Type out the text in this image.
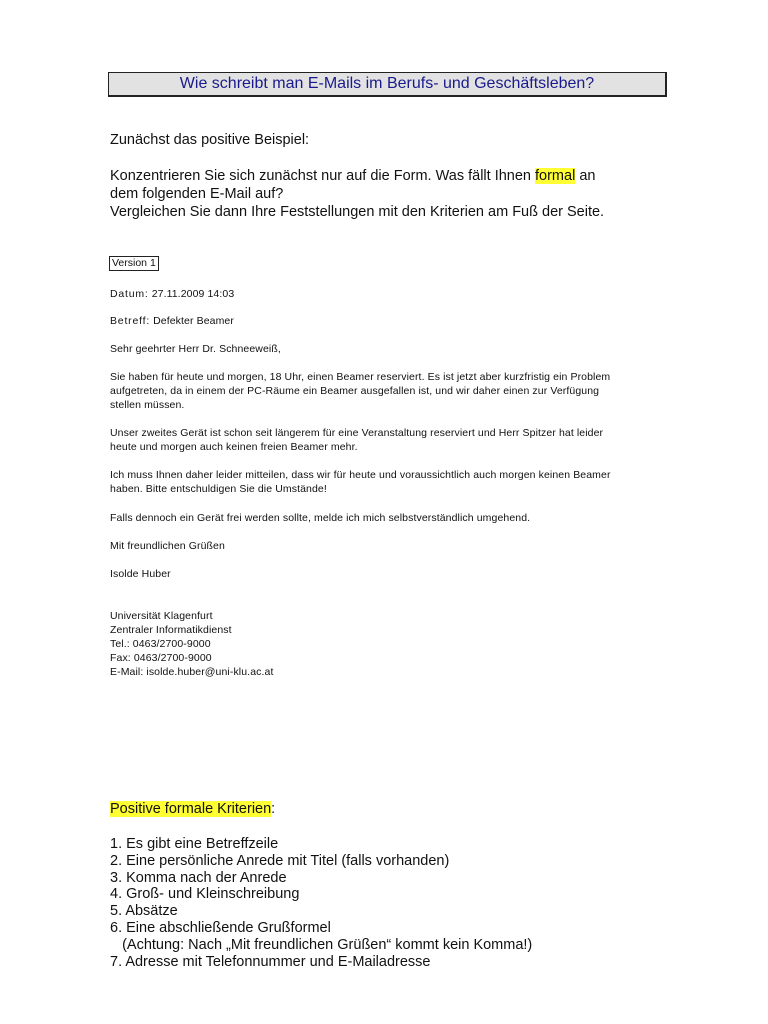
Wie schreibt man E-Mails im Berufs- und Geschäftsleben?
Zunächst das positive Beispiel:
Konzentrieren Sie sich zunächst nur auf die Form. Was fällt Ihnen formal an
dem folgenden E-Mail auf?
Vergleichen Sie dann Ihre Feststellungen mit den Kriterien am Fuß der Seite.
Version 1
Datum: 27.11.2009 14:03
Betreff: Defekter Beamer
Sehr geehrter Herr Dr. Schneeweiß,
Sie haben für heute und morgen, 18 Uhr, einen Beamer reserviert. Es ist jetzt aber kurzfristig ein Problem
aufgetreten, da in einem der PC-Räume ein Beamer ausgefallen ist, und wir daher einen zur Verfügung
stellen müssen.
Unser zweites Gerät ist schon seit längerem für eine Veranstaltung reserviert und Herr Spitzer hat leider
heute und morgen auch keinen freien Beamer mehr.
Ich muss Ihnen daher leider mitteilen, dass wir für heute und voraussichtlich auch morgen keinen Beamer
haben. Bitte entschuldigen Sie die Umstände!
Falls dennoch ein Gerät frei werden sollte, melde ich mich selbstverständlich umgehend.
Mit freundlichen Grüßen
Isolde Huber
Universität Klagenfurt
Zentraler Informatikdienst
Tel.: 0463/2700-9000
Fax: 0463/2700-9000
E-Mail: isolde.huber@uni-klu.ac.at
Positive formale Kriterien:
1. Es gibt eine Betreffzeile
2. Eine persönliche Anrede mit Titel (falls vorhanden)
3. Komma nach der Anrede
4. Groß- und Kleinschreibung
5. Absätze
6. Eine abschließende Grußformel
(Achtung: Nach „Mit freundlichen Grüßen“ kommt kein Komma!)
7. Adresse mit Telefonnummer und E-Mailadresse
